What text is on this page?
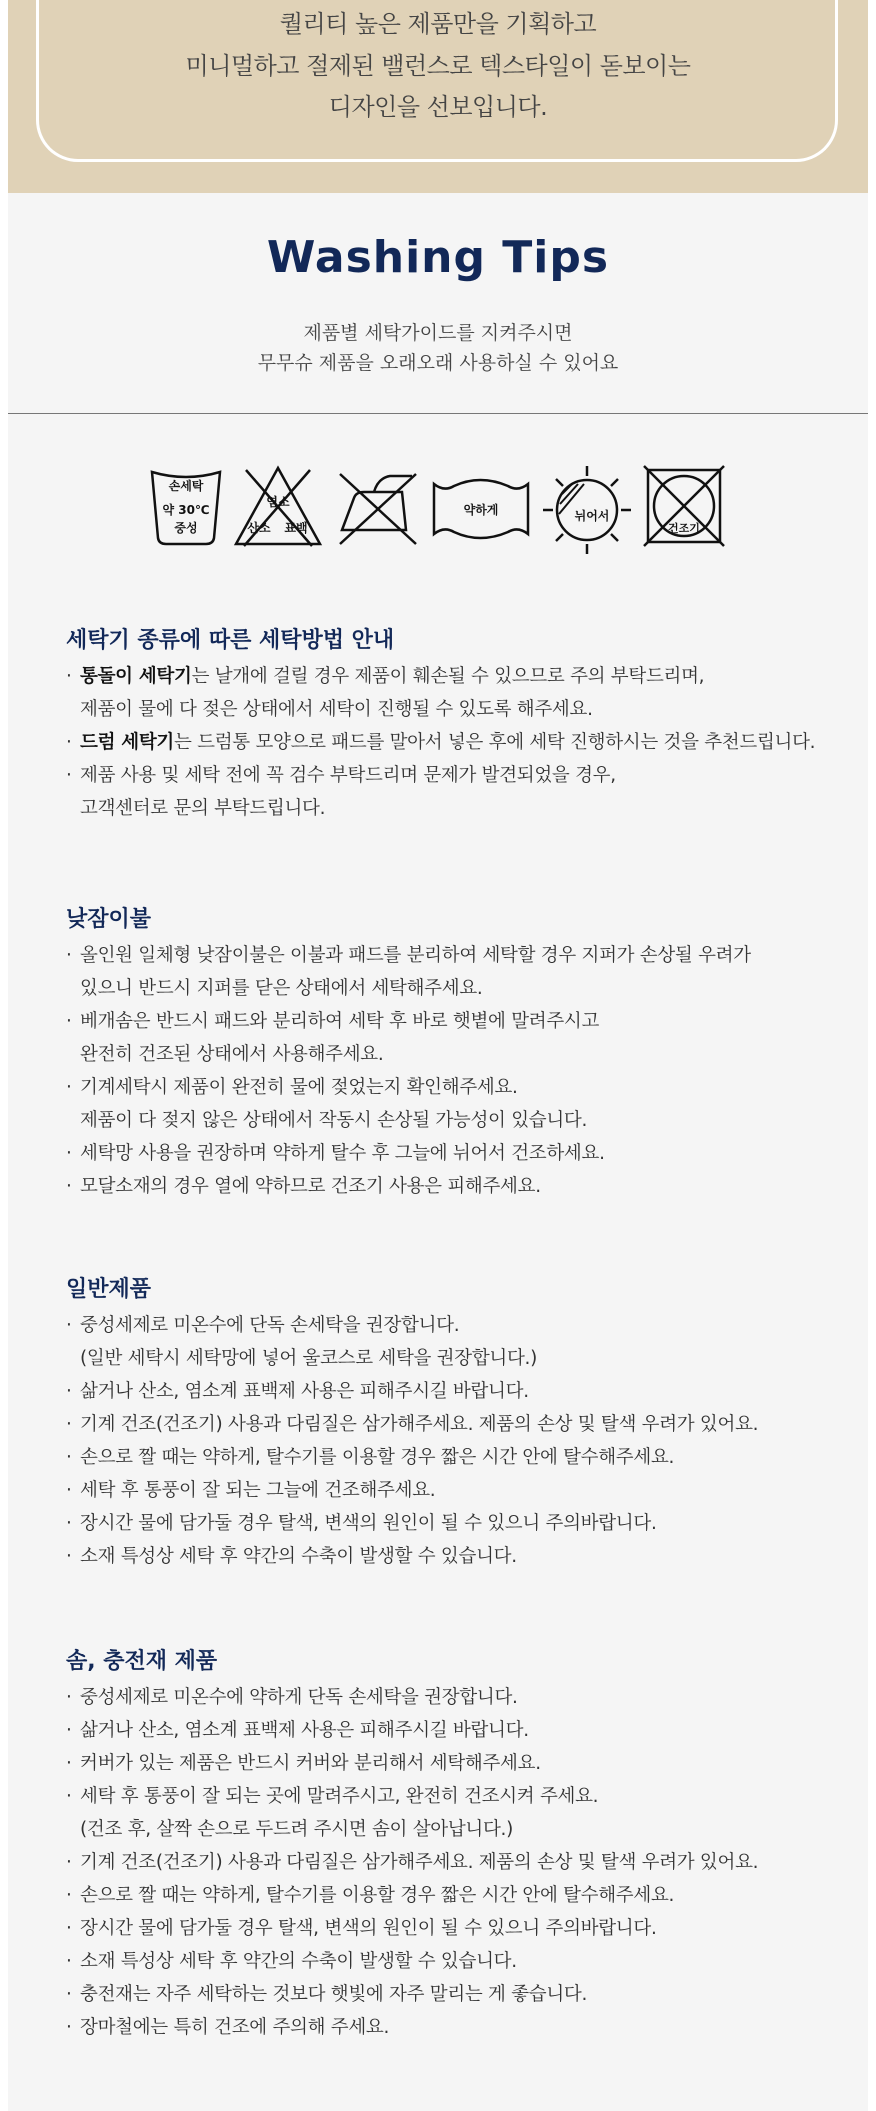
퀄리티 높은 제품만을 기획하고
미니멀하고 절제된 밸런스로 텍스타일이 돋보이는
디자인을 선보입니다.
Washing Tips
제품별 세탁가이드를 지켜주시면
무무슈 제품을 오래오래 사용하실 수 있어요
손세탁
약 30℃
중성
염소
산소 표백
약하게	뉘어서
건조기
세탁기 종류에 따른 세탁방법 안내
· 통돌이 세탁기는 날개에 걸릴 경우 제품이 훼손될 수 있으므로 주의 부탁드리며,
제품이 물에 다 젖은 상태에서 세탁이 진행될 수 있도록 해주세요.
· 드럼 세탁기는 드럼통 모양으로 패드를 말아서 넣은 후에 세탁 진행하시는 것을 추천드립니다.
· 제품 사용 및 세탁 전에 꼭 검수 부탁드리며 문제가 발견되었을 경우,
고객센터로 문의 부탁드립니다.
낮잠이불
· 올인원 일체형 낮잠이불은 이불과 패드를 분리하여 세탁할 경우 지퍼가 손상될 우려가
있으니 반드시 지퍼를 닫은 상태에서 세탁해주세요.
· 베개솜은 반드시 패드와 분리하여 세탁 후 바로 햇볕에 말려주시고
완전히 건조된 상태에서 사용해주세요.
· 기계세탁시 제품이 완전히 물에 젖었는지 확인해주세요.
제품이 다 젖지 않은 상태에서 작동시 손상될 가능성이 있습니다.
· 세탁망 사용을 권장하며 약하게 탈수 후 그늘에 뉘어서 건조하세요.
· 모달소재의 경우 열에 약하므로 건조기 사용은 피해주세요.
일반제품
· 중성세제로 미온수에 단독 손세탁을 권장합니다.
(일반 세탁시 세탁망에 넣어 울코스로 세탁을 권장합니다.)
· 삶거나 산소, 염소계 표백제 사용은 피해주시길 바랍니다.
· 기계 건조(건조기) 사용과 다림질은 삼가해주세요. 제품의 손상 및 탈색 우려가 있어요.
· 손으로 짤 때는 약하게, 탈수기를 이용할 경우 짧은 시간 안에 탈수해주세요.
· 세탁 후 통풍이 잘 되는 그늘에 건조해주세요.
· 장시간 물에 담가둘 경우 탈색, 변색의 원인이 될 수 있으니 주의바랍니다.
· 소재 특성상 세탁 후 약간의 수축이 발생할 수 있습니다.
솜, 충전재 제품
· 중성세제로 미온수에 약하게 단독 손세탁을 권장합니다.
· 삶거나 산소, 염소계 표백제 사용은 피해주시길 바랍니다.
· 커버가 있는 제품은 반드시 커버와 분리해서 세탁해주세요.
· 세탁 후 통풍이 잘 되는 곳에 말려주시고, 완전히 건조시켜 주세요.
(건조 후, 살짝 손으로 두드려 주시면 솜이 살아납니다.)
· 기계 건조(건조기) 사용과 다림질은 삼가해주세요. 제품의 손상 및 탈색 우려가 있어요.
· 손으로 짤 때는 약하게, 탈수기를 이용할 경우 짧은 시간 안에 탈수해주세요.
· 장시간 물에 담가둘 경우 탈색, 변색의 원인이 될 수 있으니 주의바랍니다.
· 소재 특성상 세탁 후 약간의 수축이 발생할 수 있습니다.
· 충전재는 자주 세탁하는 것보다 햇빛에 자주 말리는 게 좋습니다.
· 장마철에는 특히 건조에 주의해 주세요.
